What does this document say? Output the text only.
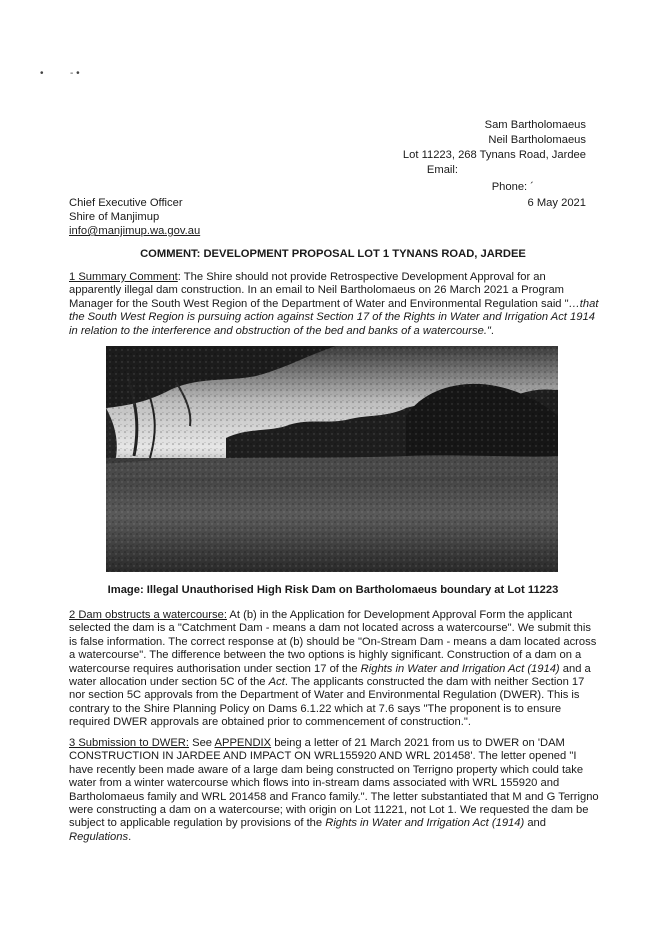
•	- •
Sam Bartholomaeus
Neil Bartholomaeus
Lot 11223, 268 Tynans Road, Jardee
Email:
Phone: ´
6 May 2021
Chief Executive Officer
Shire of Manjimup
info@manjimup.wa.gov.au
COMMENT: DEVELOPMENT PROPOSAL LOT 1 TYNANS ROAD, JARDEE
1 Summary Comment: The Shire should not provide Retrospective Development Approval for an apparently illegal dam construction. In an email to Neil Bartholomaeus on 26 March 2021 a Program Manager for the South West Region of the Department of Water and Environmental Regulation said "…that the South West Region is pursuing action against Section 17 of the Rights in Water and Irrigation Act 1914 in relation to the interference and obstruction of the bed and banks of a watercourse.".
Image: Illegal Unauthorised High Risk Dam on Bartholomaeus boundary at Lot 11223
2 Dam obstructs a watercourse: At (b) in the Application for Development Approval Form the applicant selected the dam is a "Catchment Dam - means a dam not located across a watercourse". We submit this is false information. The correct response at (b) should be "On-Stream Dam - means a dam located across a watercourse". The difference between the two options is highly significant. Construction of a dam on a watercourse requires authorisation under section 17 of the Rights in Water and Irrigation Act (1914) and a water allocation under section 5C of the Act. The applicants constructed the dam with neither Section 17 nor section 5C approvals from the Department of Water and Environmental Regulation (DWER). This is contrary to the Shire Planning Policy on Dams 6.1.22 which at 7.6 says "The proponent is to ensure required DWER approvals are obtained prior to commencement of construction.".
3 Submission to DWER: See APPENDIX being a letter of 21 March 2021 from us to DWER on 'DAM CONSTRUCTION IN JARDEE AND IMPACT ON WRL155920 AND WRL 201458'. The letter opened "I have recently been made aware of a large dam being constructed on Terrigno property which could take water from a winter watercourse which flows into in-stream dams associated with WRL 155920 and Bartholomaeus family and WRL 201458 and Franco family.". The letter substantiated that M and G Terrigno were constructing a dam on a watercourse; with origin on Lot 11221, not Lot 1. We requested the dam be subject to applicable regulation by provisions of the Rights in Water and Irrigation Act (1914) and Regulations.
